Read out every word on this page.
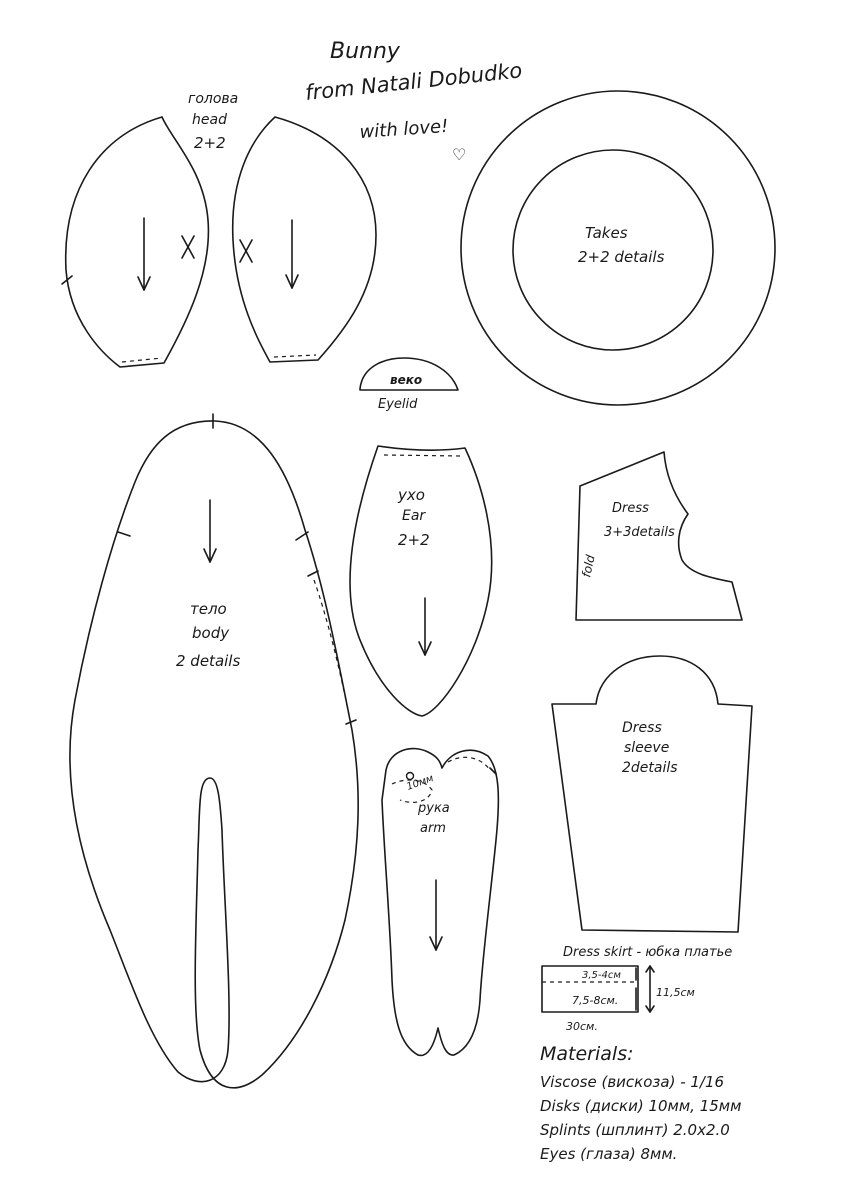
Bunny
from Natali Dobudko
with love!
♡
голова
head
2+2
Takes
2+2 details
веко
Eyelid
тело
body
2 details
ухо
Ear
2+2
Dress
3+3details
fold
Dress
sleeve
2details
10мм
рука
arm
Dress skirt - юбка платье
3,5-4см
7,5-8см.
11,5см
30см.
Materials:
Viscose (вискоза) - 1/16
Disks (диски) 10мм, 15мм
Splints (шплинт) 2.0х2.0
Eyes (глаза) 8мм.
